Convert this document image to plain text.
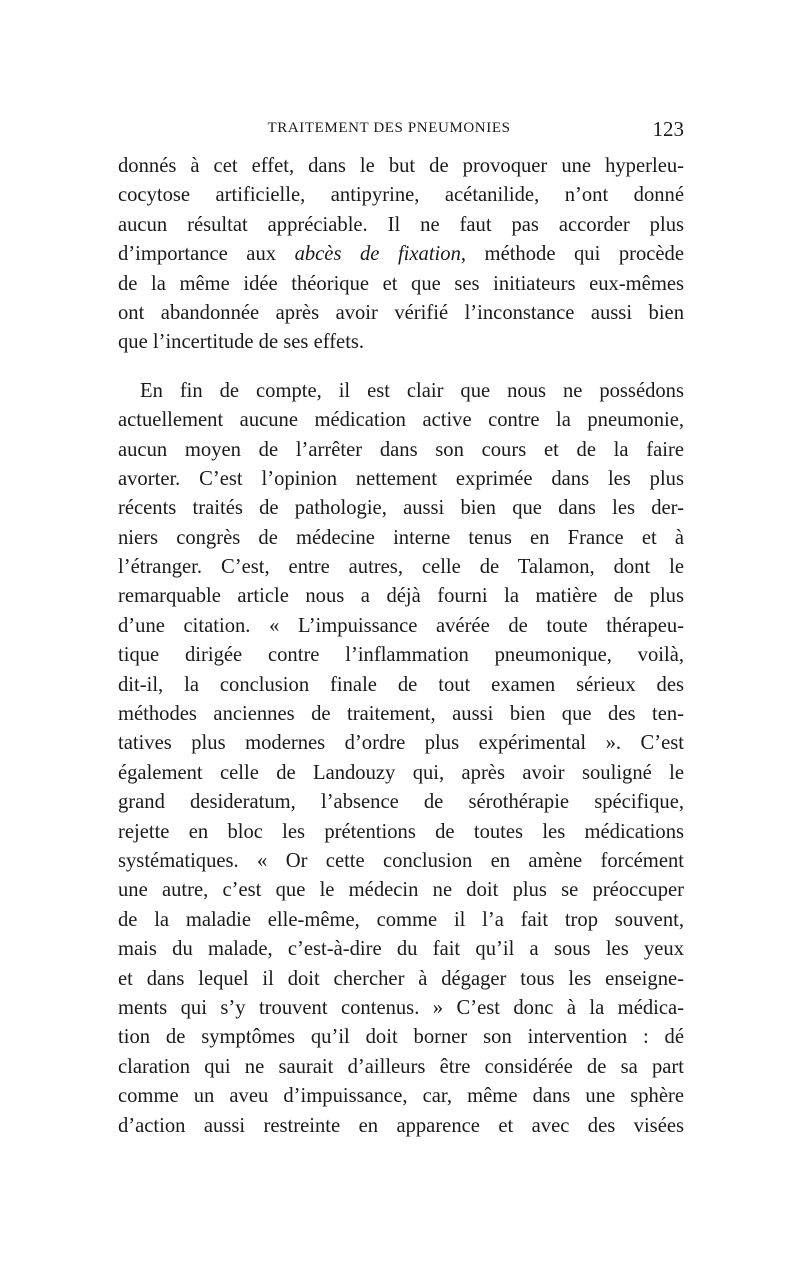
TRAITEMENT DES PNEUMONIES	123
donnés à cet effet, dans le but de provoquer une hyperleu-
cocytose artificielle, antipyrine, acétanilide, n’ont donné
aucun résultat appréciable. Il ne faut pas accorder plus
d’importance aux abcès de fixation, méthode qui procède
de la même idée théorique et que ses initiateurs eux-mêmes
ont abandonnée après avoir vérifié l’inconstance aussi bien
que l’incertitude de ses effets.
En fin de compte, il est clair que nous ne possédons
actuellement aucune médication active contre la pneumonie,
aucun moyen de l’arrêter dans son cours et de la faire
avorter. C’est l’opinion nettement exprimée dans les plus
récents traités de pathologie, aussi bien que dans les der-
niers congrès de médecine interne tenus en France et à
l’étranger. C’est, entre autres, celle de Talamon, dont le
remarquable article nous a déjà fourni la matière de plus
d’une citation. « L’impuissance avérée de toute thérapeu-
tique dirigée contre l’inflammation pneumonique, voilà,
dit-il, la conclusion finale de tout examen sérieux des
méthodes anciennes de traitement, aussi bien que des ten-
tatives plus modernes d’ordre plus expérimental ». C’est
également celle de Landouzy qui, après avoir souligné le
grand desideratum, l’absence de sérothérapie spécifique,
rejette en bloc les prétentions de toutes les médications
systématiques. « Or cette conclusion en amène forcément
une autre, c’est que le médecin ne doit plus se préoccuper
de la maladie elle-même, comme il l’a fait trop souvent,
mais du malade, c’est-à-dire du fait qu’il a sous les yeux
et dans lequel il doit chercher à dégager tous les enseigne-
ments qui s’y trouvent contenus. » C’est donc à la médica-
tion de symptômes qu’il doit borner son intervention : dé
claration qui ne saurait d’ailleurs être considérée de sa part
comme un aveu d’impuissance, car, même dans une sphère
d’action aussi restreinte en apparence et avec des visées
